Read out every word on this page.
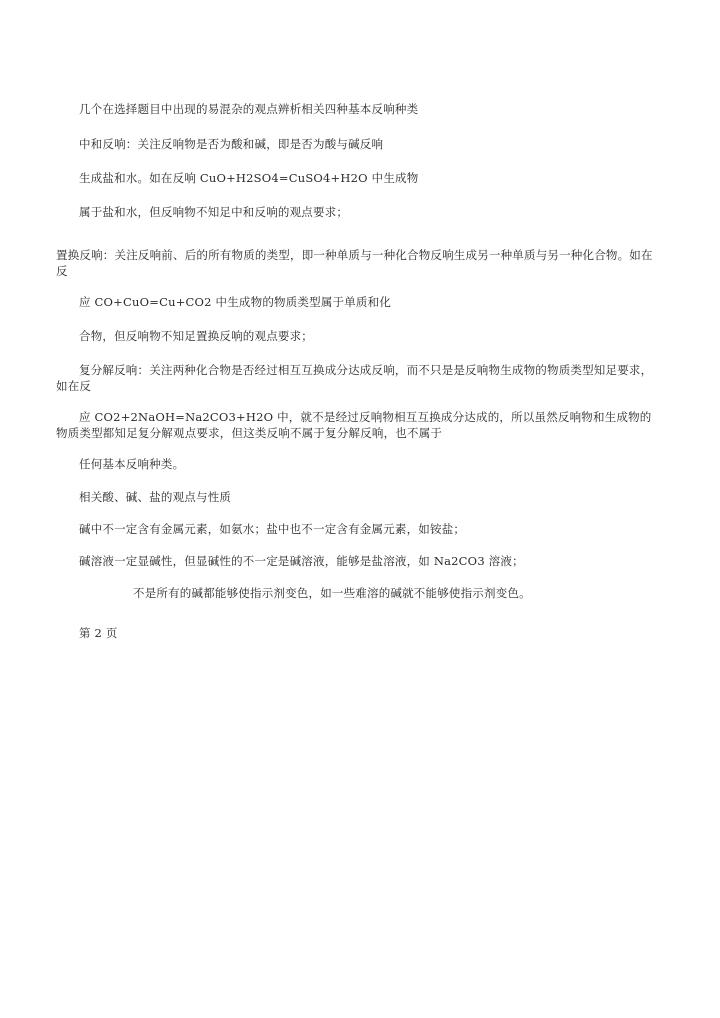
几个在选择题目中出现的易混杂的观点辨析相关四种基本反响种类
中和反响：关注反响物是否为酸和碱，即是否为酸与碱反响
生成盐和水。如在反响 CuO+H2SO4=CuSO4+H2O 中生成物
属于盐和水，但反响物不知足中和反响的观点要求；
置换反响：关注反响前、后的所有物质的类型，即一种单质与一种化合物反响生成另一种单质与另一种化合物。如在反
应 CO+CuO=Cu+CO2 中生成物的物质类型属于单质和化
合物，但反响物不知足置换反响的观点要求；
复分解反响：关注两种化合物是否经过相互互换成分达成反响，而不只是是反响物生成物的物质类型知足要求，如在反
应 CO2+2NaOH=Na2CO3+H2O 中，就不是经过反响物相互互换成分达成的，所以虽然反响物和生成物的物质类型都知足复分解观点要求，但这类反响不属于复分解反响，也不属于
任何基本反响种类。
相关酸、碱、盐的观点与性质
碱中不一定含有金属元素，如氨水；盐中也不一定含有金属元素，如铵盐；
碱溶液一定显碱性，但显碱性的不一定是碱溶液，能够是盐溶液，如 Na2CO3 溶液；
不是所有的碱都能够使指示剂变色，如一些难溶的碱就不能够使指示剂变色。
第 2 页
